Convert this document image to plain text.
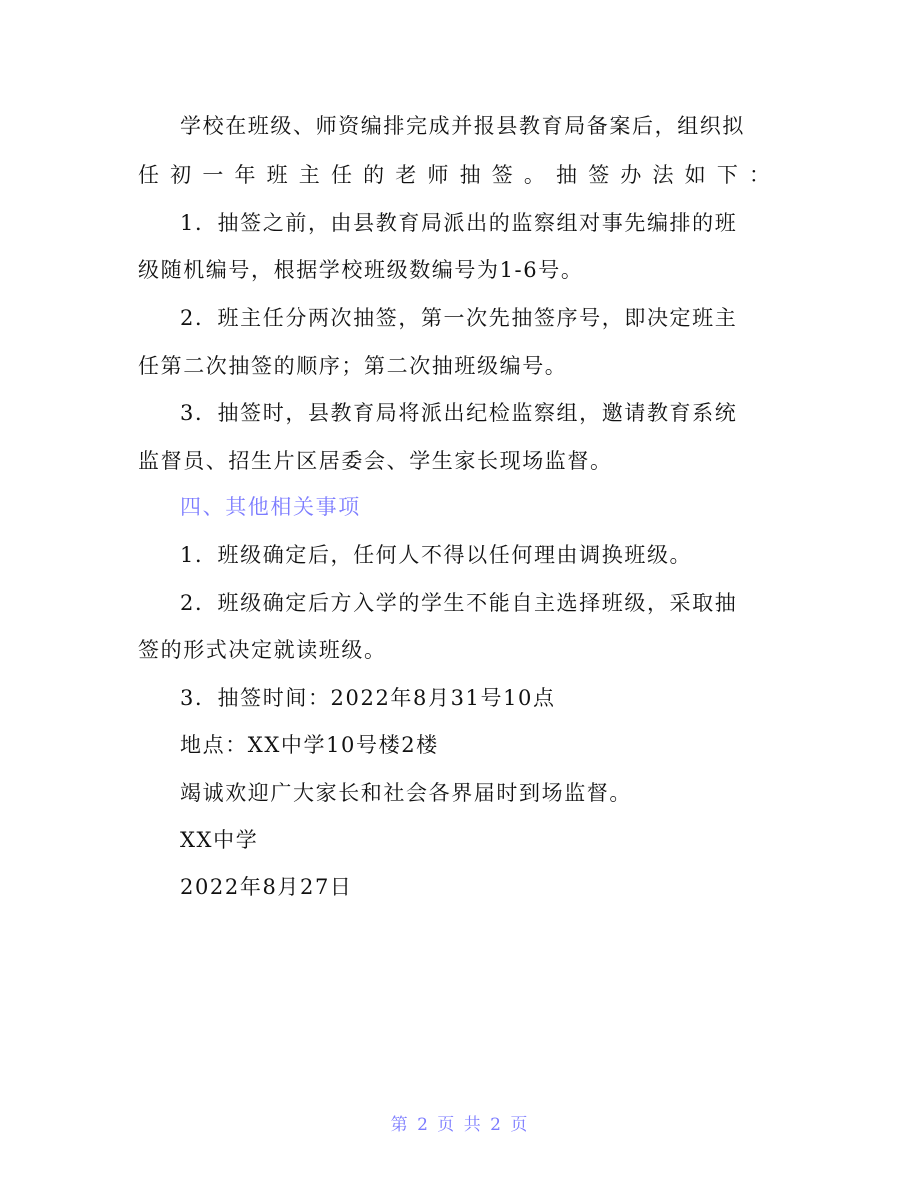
学校在班级、师资编排完成并报县教育局备案后，组织拟
任初一年班主任的老师抽签。抽签办法如下：
1．抽签之前，由县教育局派出的监察组对事先编排的班
级随机编号，根据学校班级数编号为1-6号。
2．班主任分两次抽签，第一次先抽签序号，即决定班主
任第二次抽签的顺序；第二次抽班级编号。
3．抽签时，县教育局将派出纪检监察组，邀请教育系统
监督员、招生片区居委会、学生家长现场监督。
四、其他相关事项
1．班级确定后，任何人不得以任何理由调换班级。
2．班级确定后方入学的学生不能自主选择班级，采取抽
签的形式决定就读班级。
3．抽签时间：2022年8月31号10点
地点：XX中学10号楼2楼
竭诚欢迎广大家长和社会各界届时到场监督。
XX中学
2022年8月27日
第 2 页 共 2 页
